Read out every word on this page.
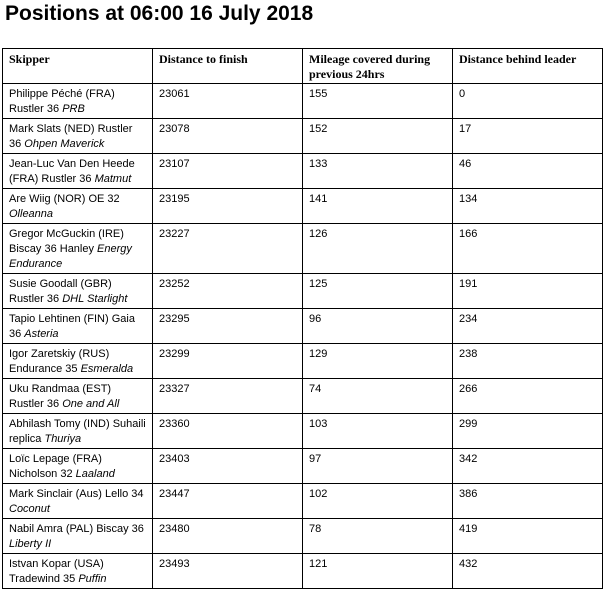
Positions at 06:00 16 July 2018
Skipper	Distance to finish	Mileage covered during previous 24hrs	Distance behind leader
Philippe Péché (FRA) Rustler 36 PRB	23061	155	0
Mark Slats (NED) Rustler 36 Ohpen Maverick	23078	152	17
Jean-Luc Van Den Heede (FRA) Rustler 36 Matmut	23107	133	46
Are Wiig (NOR) OE 32 Olleanna	23195	141	134
Gregor McGuckin (IRE) Biscay 36 Hanley Energy Endurance	23227	126	166
Susie Goodall (GBR) Rustler 36 DHL Starlight	23252	125	191
Tapio Lehtinen (FIN) Gaia 36 Asteria	23295	96	234
Igor Zaretskiy (RUS) Endurance 35 Esmeralda	23299	129	238
Uku Randmaa (EST) Rustler 36 One and All	23327	74	266
Abhilash Tomy (IND) Suhaili replica Thuriya	23360	103	299
Loïc Lepage (FRA) Nicholson 32 Laaland	23403	97	342
Mark Sinclair (Aus) Lello 34 Coconut	23447	102	386
Nabil Amra (PAL) Biscay 36 Liberty II	23480	78	419
Istvan Kopar (USA) Tradewind 35 Puffin	23493	121	432
